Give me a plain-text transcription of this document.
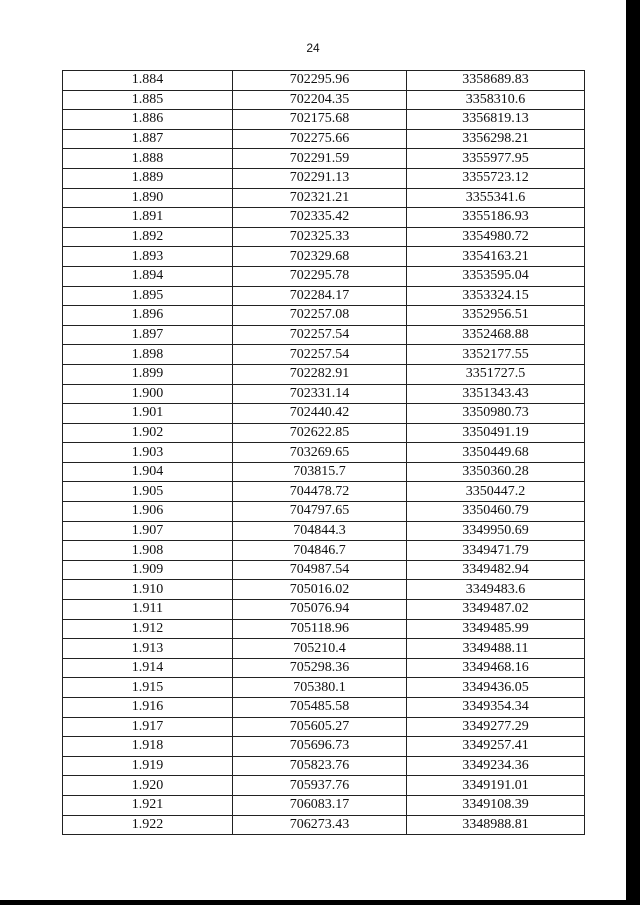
24
1.884	702295.96	3358689.83
1.885	702204.35	3358310.6
1.886	702175.68	3356819.13
1.887	702275.66	3356298.21
1.888	702291.59	3355977.95
1.889	702291.13	3355723.12
1.890	702321.21	3355341.6
1.891	702335.42	3355186.93
1.892	702325.33	3354980.72
1.893	702329.68	3354163.21
1.894	702295.78	3353595.04
1.895	702284.17	3353324.15
1.896	702257.08	3352956.51
1.897	702257.54	3352468.88
1.898	702257.54	3352177.55
1.899	702282.91	3351727.5
1.900	702331.14	3351343.43
1.901	702440.42	3350980.73
1.902	702622.85	3350491.19
1.903	703269.65	3350449.68
1.904	703815.7	3350360.28
1.905	704478.72	3350447.2
1.906	704797.65	3350460.79
1.907	704844.3	3349950.69
1.908	704846.7	3349471.79
1.909	704987.54	3349482.94
1.910	705016.02	3349483.6
1.911	705076.94	3349487.02
1.912	705118.96	3349485.99
1.913	705210.4	3349488.11
1.914	705298.36	3349468.16
1.915	705380.1	3349436.05
1.916	705485.58	3349354.34
1.917	705605.27	3349277.29
1.918	705696.73	3349257.41
1.919	705823.76	3349234.36
1.920	705937.76	3349191.01
1.921	706083.17	3349108.39
1.922	706273.43	3348988.81
